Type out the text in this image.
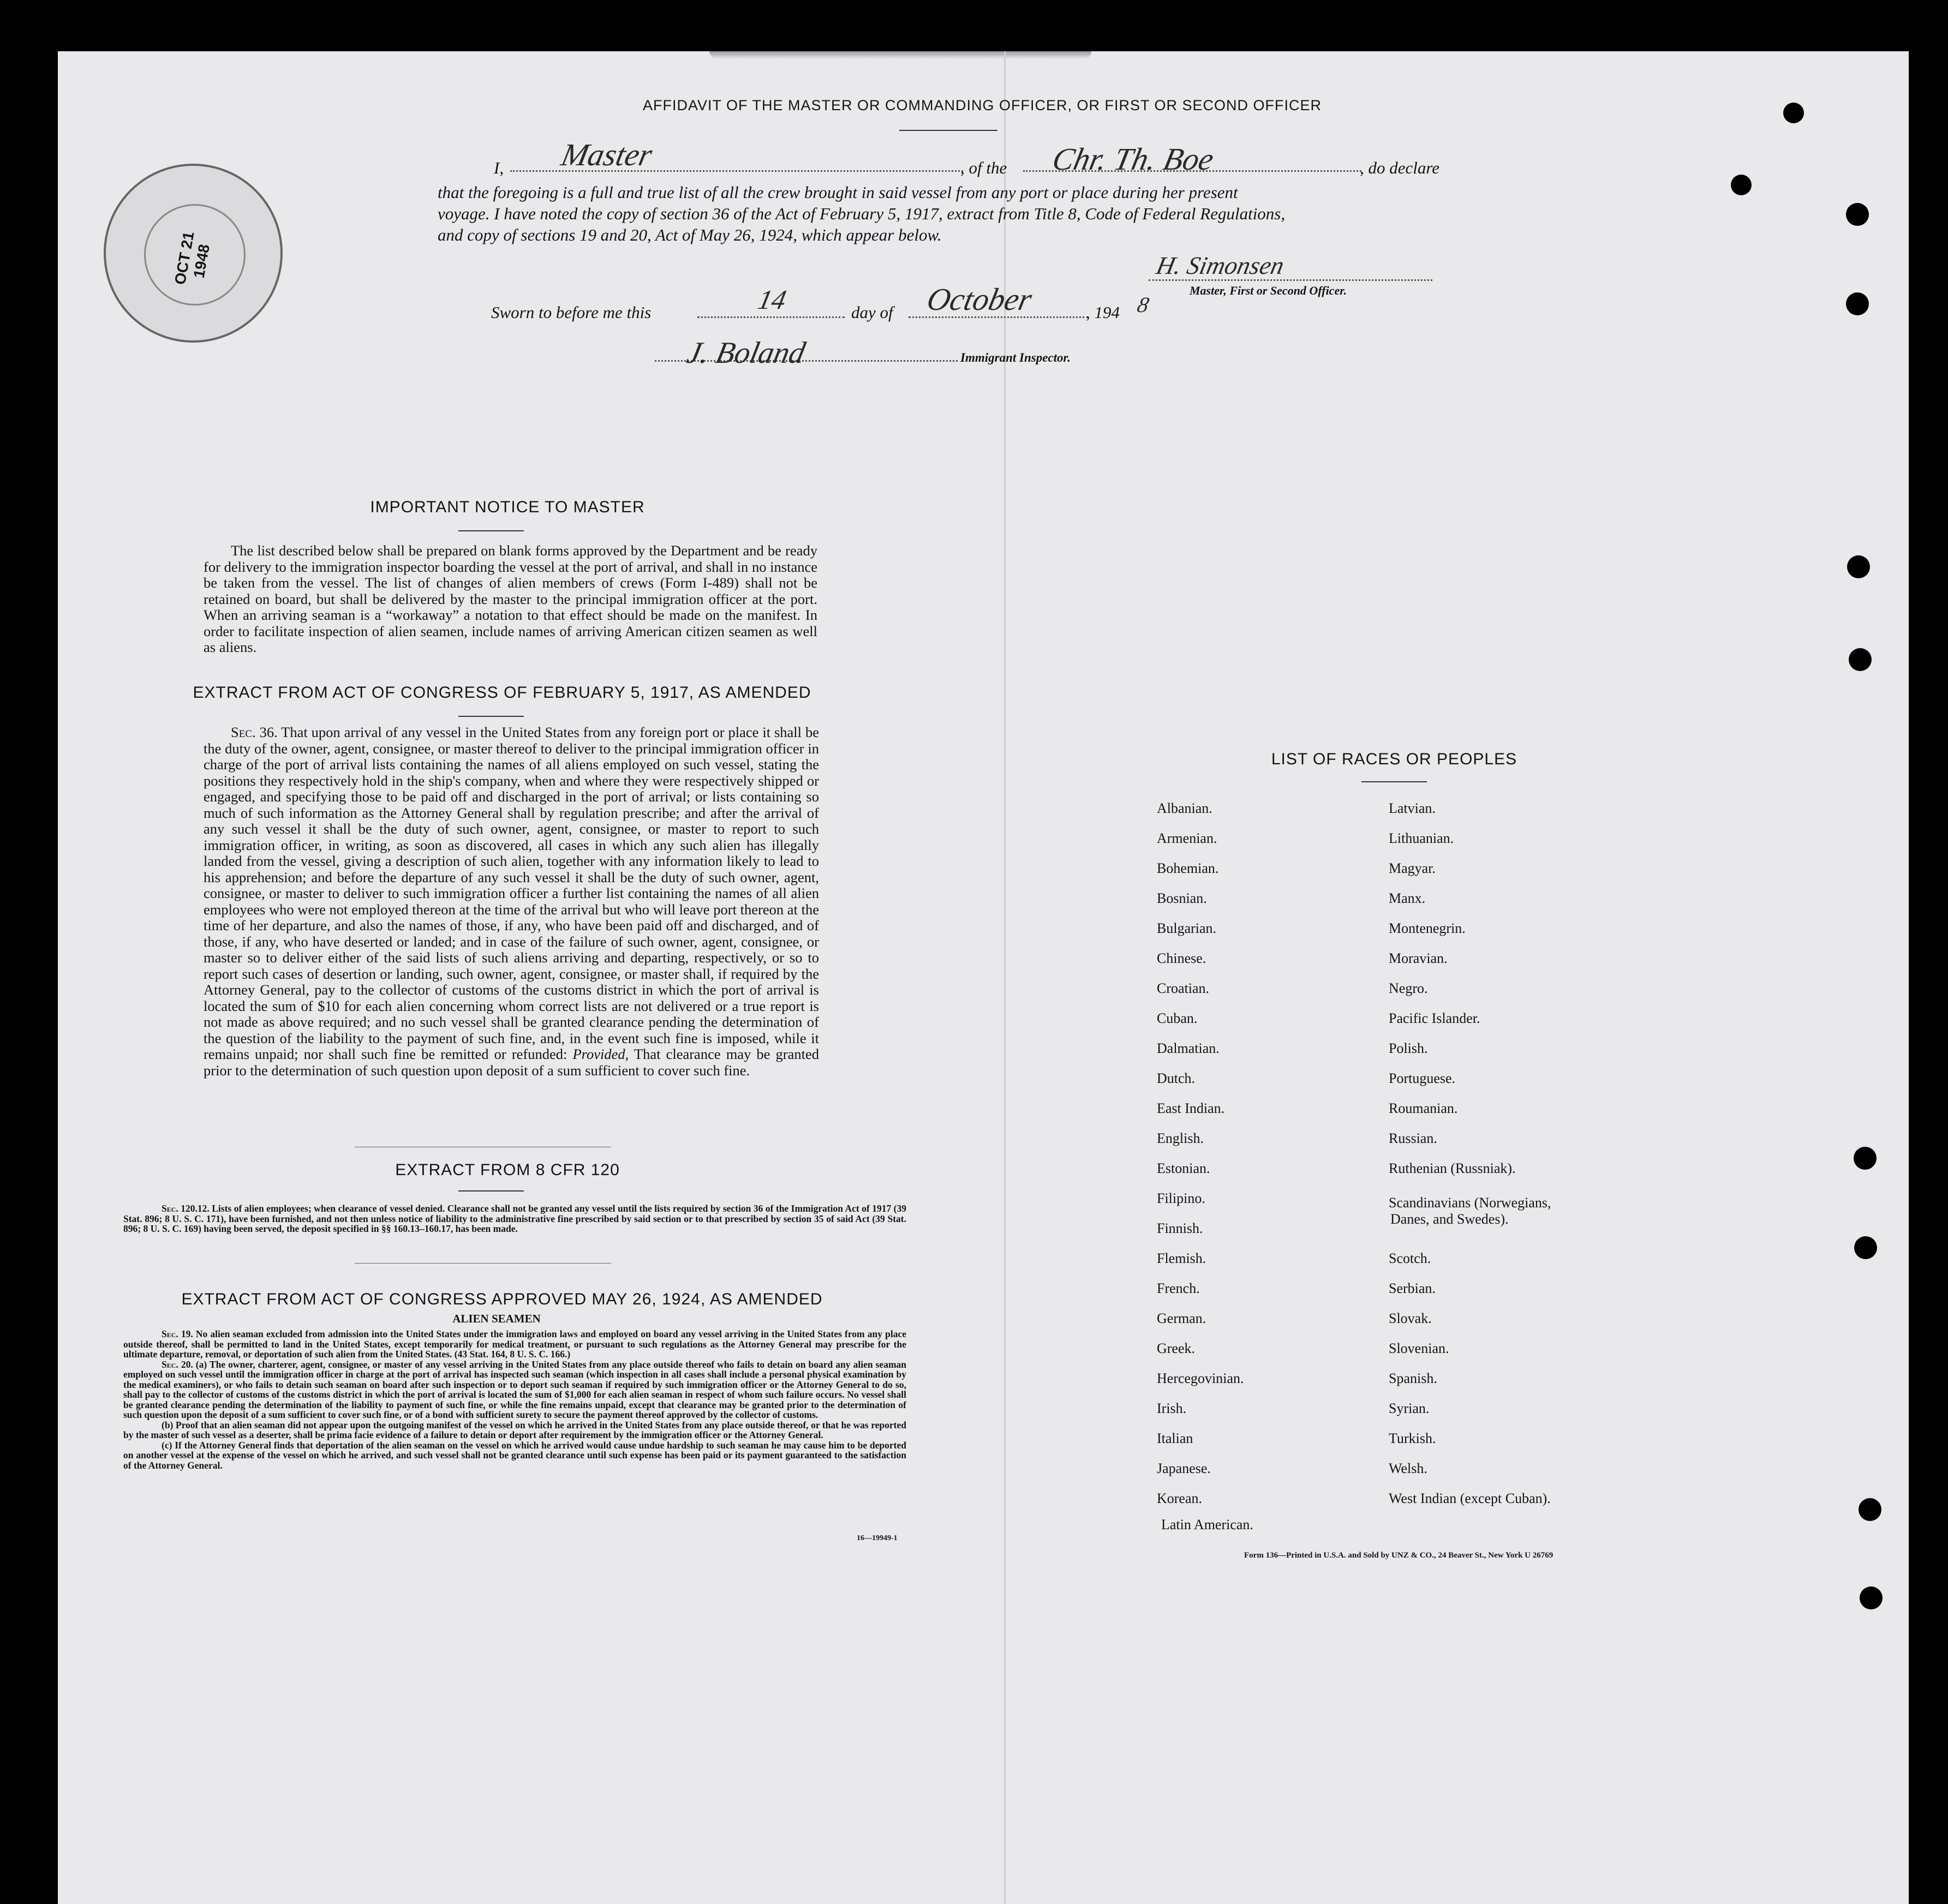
OCT 21 1948
AFFIDAVIT OF THE MASTER OR COMMANDING OFFICER, OR FIRST OR SECOND OFFICER
I, Master	, of the Chr. Th. Boe	, do declare
that the foregoing is a full and true list of all the crew brought in said vessel from any port or place during her present
voyage. I have noted the copy of section 36 of the Act of February 5, 1917, extract from Title 8, Code of Federal Regulations,
and copy of sections 19 and 20, Act of May 26, 1924, which appear below.
H. Simonsen
Master, First or Second Officer.
Sworn to before me this	14	day of October	, 194 8
J. Boland	Immigrant Inspector.
IMPORTANT NOTICE TO MASTER
The list described below shall be prepared on blank forms approved by the Department and be ready for delivery to the immigration inspector boarding the vessel at the port of arrival, and shall in no instance be taken from the vessel. The list of changes of alien members of crews (Form I-489) shall not be retained on board, but shall be delivered by the master to the principal immigration officer at the port. When an arriving seaman is a “workaway” a notation to that effect should be made on the manifest. In order to facilitate inspection of alien seamen, include names of arriving American citizen seamen as well as aliens.
EXTRACT FROM ACT OF CONGRESS OF FEBRUARY 5, 1917, AS AMENDED
Sec. 36. That upon arrival of any vessel in the United States from any foreign port or place it shall be the duty of the owner, agent, consignee, or master thereof to deliver to the principal immigration officer in charge of the port of arrival lists containing the names of all aliens employed on such vessel, stating the positions they respectively hold in the ship's company, when and where they were respectively shipped or engaged, and specifying those to be paid off and discharged in the port of arrival; or lists containing so much of such information as the Attorney General shall by regulation prescribe; and after the arrival of any such vessel it shall be the duty of such owner, agent, consignee, or master to report to such immigration officer, in writing, as soon as discovered, all cases in which any such alien has illegally landed from the vessel, giving a description of such alien, together with any information likely to lead to his apprehension; and before the departure of any such vessel it shall be the duty of such owner, agent, consignee, or master to deliver to such immigration officer a further list containing the names of all alien employees who were not employed thereon at the time of the arrival but who will leave port thereon at the time of her departure, and also the names of those, if any, who have been paid off and discharged, and of those, if any, who have deserted or landed; and in case of the failure of such owner, agent, consignee, or master so to deliver either of the said lists of such aliens arriving and departing, respectively, or so to report such cases of desertion or landing, such owner, agent, consignee, or master shall, if required by the Attorney General, pay to the collector of customs of the customs district in which the port of arrival is located the sum of $10 for each alien concerning whom correct lists are not delivered or a true report is not made as above required; and no such vessel shall be granted clearance pending the determination of the question of the liability to the payment of such fine, and, in the event such fine is imposed, while it remains unpaid; nor shall such fine be remitted or refunded: Provided, That clearance may be granted prior to the determination of such question upon deposit of a sum sufficient to cover such fine.
EXTRACT FROM 8 CFR 120
Sec. 120.12. Lists of alien employees; when clearance of vessel denied. Clearance shall not be granted any vessel until the lists required by section 36 of the Immigration Act of 1917 (39 Stat. 896; 8 U. S. C. 171), have been furnished, and not then unless notice of liability to the administrative fine prescribed by said section or to that prescribed by section 35 of said Act (39 Stat. 896; 8 U. S. C. 169) having been served, the deposit specified in §§ 160.13–160.17, has been made.
EXTRACT FROM ACT OF CONGRESS APPROVED MAY 26, 1924, AS AMENDED
ALIEN SEAMEN
Sec. 19. No alien seaman excluded from admission into the United States under the immigration laws and employed on board any vessel arriving in the United States from any place outside thereof, shall be permitted to land in the United States, except temporarily for medical treatment, or pursuant to such regulations as the Attorney General may prescribe for the ultimate departure, removal, or deportation of such alien from the United States. (43 Stat. 164, 8 U. S. C. 166.)
Sec. 20. (a) The owner, charterer, agent, consignee, or master of any vessel arriving in the United States from any place outside thereof who fails to detain on board any alien seaman employed on such vessel until the immigration officer in charge at the port of arrival has inspected such seaman (which inspection in all cases shall include a personal physical examination by the medical examiners), or who fails to detain such seaman on board after such inspection or to deport such seaman if required by such immigration officer or the Attorney General to do so, shall pay to the collector of customs of the customs district in which the port of arrival is located the sum of $1,000 for each alien seaman in respect of whom such failure occurs. No vessel shall be granted clearance pending the determination of the liability to payment of such fine, or while the fine remains unpaid, except that clearance may be granted prior to the determination of such question upon the deposit of a sum sufficient to cover such fine, or of a bond with sufficient surety to secure the payment thereof approved by the collector of customs.
(b) Proof that an alien seaman did not appear upon the outgoing manifest of the vessel on which he arrived in the United States from any place outside thereof, or that he was reported by the master of such vessel as a deserter, shall be prima facie evidence of a failure to detain or deport after requirement by the immigration officer or the Attorney General.
(c) If the Attorney General finds that deportation of the alien seaman on the vessel on which he arrived would cause undue hardship to such seaman he may cause him to be deported on another vessel at the expense of the vessel on which he arrived, and such vessel shall not be granted clearance until such expense has been paid or its payment guaranteed to the satisfaction of the Attorney General.
16—19949-1
LIST OF RACES OR PEOPLES
Albanian.
Armenian.
Bohemian.
Bosnian.
Bulgarian.
Chinese.
Croatian.
Cuban.
Dalmatian.
Dutch.
East Indian.
English.
Estonian.
Filipino.
Finnish.
Flemish.
French.
German.
Greek.
Hercegovinian.
Irish.
Italian
Japanese.
Korean.
Latin American.
Latvian.
Lithuanian.
Magyar.
Manx.
Montenegrin.
Moravian.
Negro.
Pacific Islander.
Polish.
Portuguese.
Roumanian.
Russian.
Ruthenian (Russniak).
Scandinavians (Norwegians,
Danes, and Swedes).
Scotch.
Serbian.
Slovak.
Slovenian.
Spanish.
Syrian.
Turkish.
Welsh.
West Indian (except Cuban).
Form 136—Printed in U.S.A. and Sold by UNZ & CO., 24 Beaver St., New York U 26769
